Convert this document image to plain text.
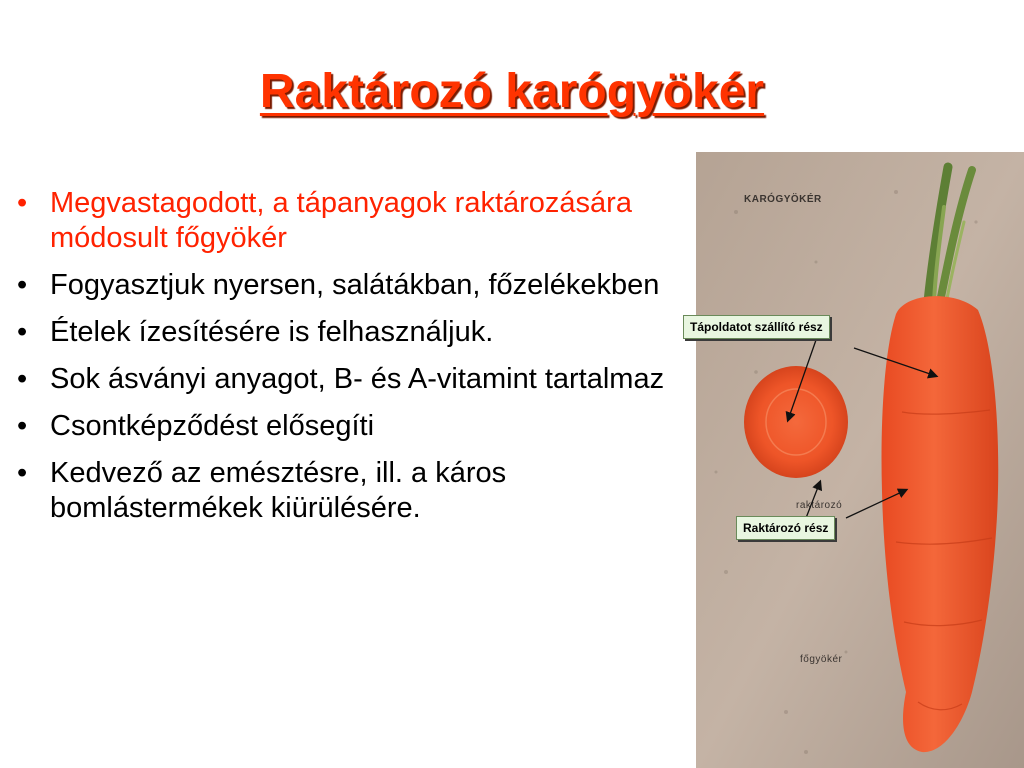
Raktározó karógyökér
• Megvastagodott, a tápanyagok raktározására módosult főgyökér
• Fogyasztjuk nyersen, salátákban, főzelékekben
• Ételek ízesítésére is felhasználjuk.
• Sok ásványi anyagot, B- és A-vitamint tartalmaz
• Csontképződést elősegíti
• Kedvező az emésztésre, ill. a káros bomlástermékek kiürülésére.
KARÓGYÖKÉR
raktározó
főgyökér
Tápoldatot szállító rész
Raktározó rész
